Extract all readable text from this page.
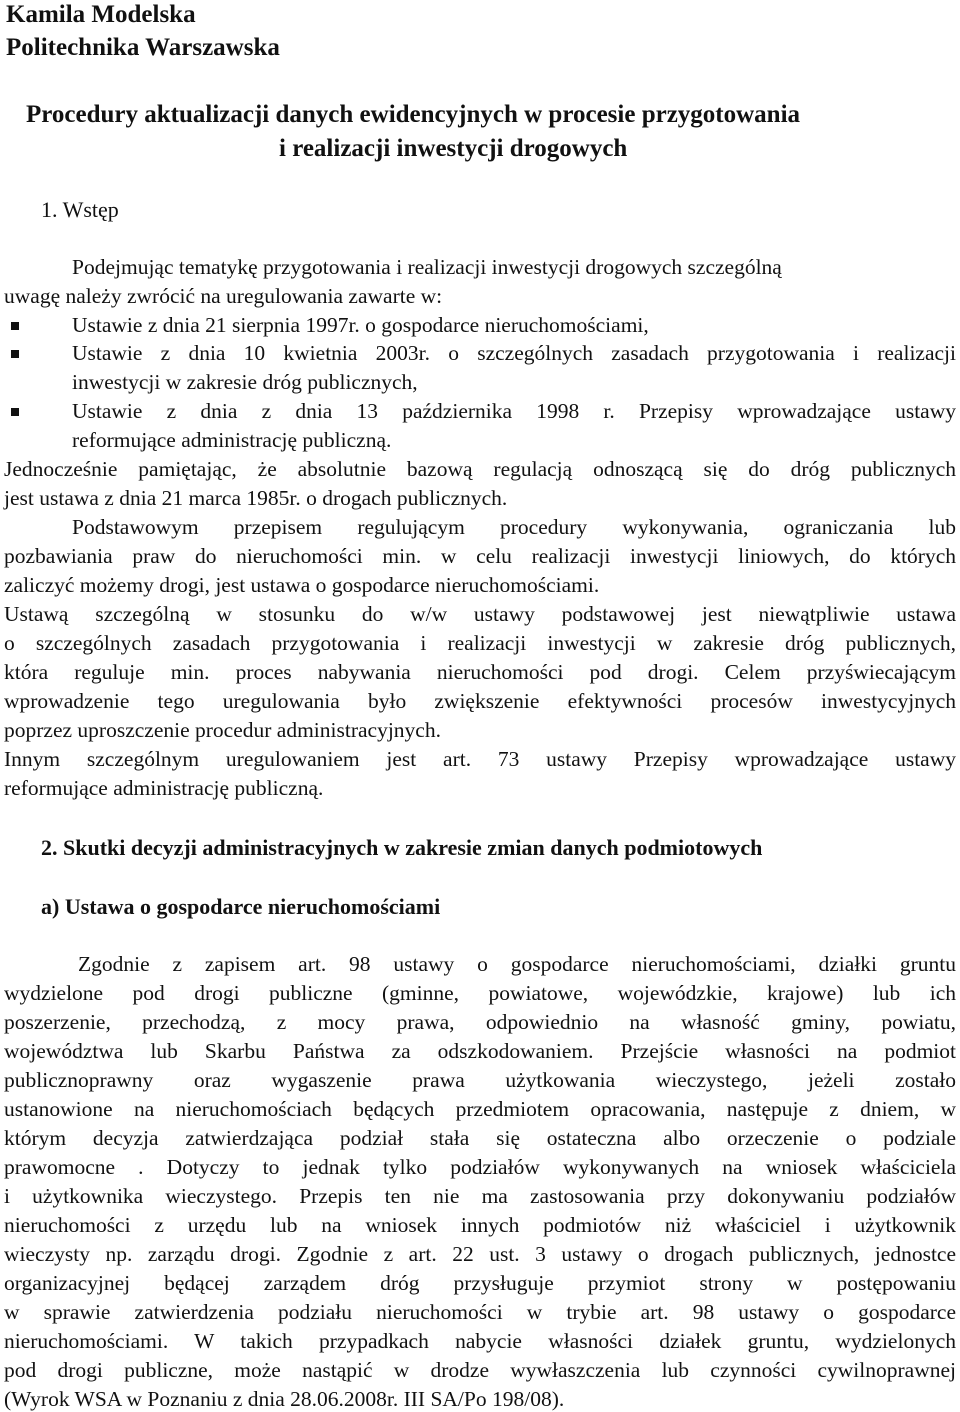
Kamila Modelska
Politechnika Warszawska
Procedury aktualizacji danych ewidencyjnych w procesie przygotowania
i realizacji inwestycji drogowych
1. Wstęp
Podejmując tematykę przygotowania i realizacji inwestycji drogowych szczególną
uwagę należy zwrócić na uregulowania zawarte w:
Ustawie z dnia 21 sierpnia 1997r. o gospodarce nieruchomościami,
Ustawie z dnia 10 kwietnia 2003r. o szczególnych zasadach przygotowania i realizacji
inwestycji w zakresie dróg publicznych,
Ustawie z dnia z dnia 13 października 1998 r. Przepisy wprowadzające ustawy
reformujące administrację publiczną.
Jednocześnie pamiętając, że absolutnie bazową regulacją odnoszącą się do dróg publicznych
jest ustawa z dnia 21 marca 1985r. o drogach publicznych.
Podstawowym przepisem regulującym procedury wykonywania, ograniczania lub
pozbawiania praw do nieruchomości min. w celu realizacji inwestycji liniowych, do których
zaliczyć możemy drogi, jest ustawa o gospodarce nieruchomościami.
Ustawą szczególną w stosunku do w/w ustawy podstawowej jest niewątpliwie ustawa
o szczególnych zasadach przygotowania i realizacji inwestycji w zakresie dróg publicznych,
która reguluje min. proces nabywania nieruchomości pod drogi. Celem przyświecającym
wprowadzenie tego uregulowania było zwiększenie efektywności procesów inwestycyjnych
poprzez uproszczenie procedur administracyjnych.
Innym szczególnym uregulowaniem jest art. 73 ustawy Przepisy wprowadzające ustawy
reformujące administrację publiczną.
2. Skutki decyzji administracyjnych w zakresie zmian danych podmiotowych
a) Ustawa o gospodarce nieruchomościami
Zgodnie z zapisem art. 98 ustawy o gospodarce nieruchomościami, działki gruntu
wydzielone pod drogi publiczne (gminne, powiatowe, wojewódzkie, krajowe) lub ich
poszerzenie, przechodzą, z mocy prawa, odpowiednio na własność gminy, powiatu,
województwa lub Skarbu Państwa za odszkodowaniem. Przejście własności na podmiot
publicznoprawny oraz wygaszenie prawa użytkowania wieczystego, jeżeli zostało
ustanowione na nieruchomościach będących przedmiotem opracowania, następuje z dniem, w
którym decyzja zatwierdzająca podział stała się ostateczna albo orzeczenie o podziale
prawomocne . Dotyczy to jednak tylko podziałów wykonywanych na wniosek właściciela
i użytkownika wieczystego. Przepis ten nie ma zastosowania przy dokonywaniu podziałów
nieruchomości z urzędu lub na wniosek innych podmiotów niż właściciel i użytkownik
wieczysty np. zarządu drogi. Zgodnie z art. 22 ust. 3 ustawy o drogach publicznych, jednostce
organizacyjnej będącej zarządem dróg przysługuje przymiot strony w postępowaniu
w sprawie zatwierdzenia podziału nieruchomości w trybie art. 98 ustawy o gospodarce
nieruchomościami. W takich przypadkach nabycie własności działek gruntu, wydzielonych
pod drogi publiczne, może nastąpić w drodze wywłaszczenia lub czynności cywilnoprawnej
(Wyrok WSA w Poznaniu z dnia 28.06.2008r. III SA/Po 198/08).
